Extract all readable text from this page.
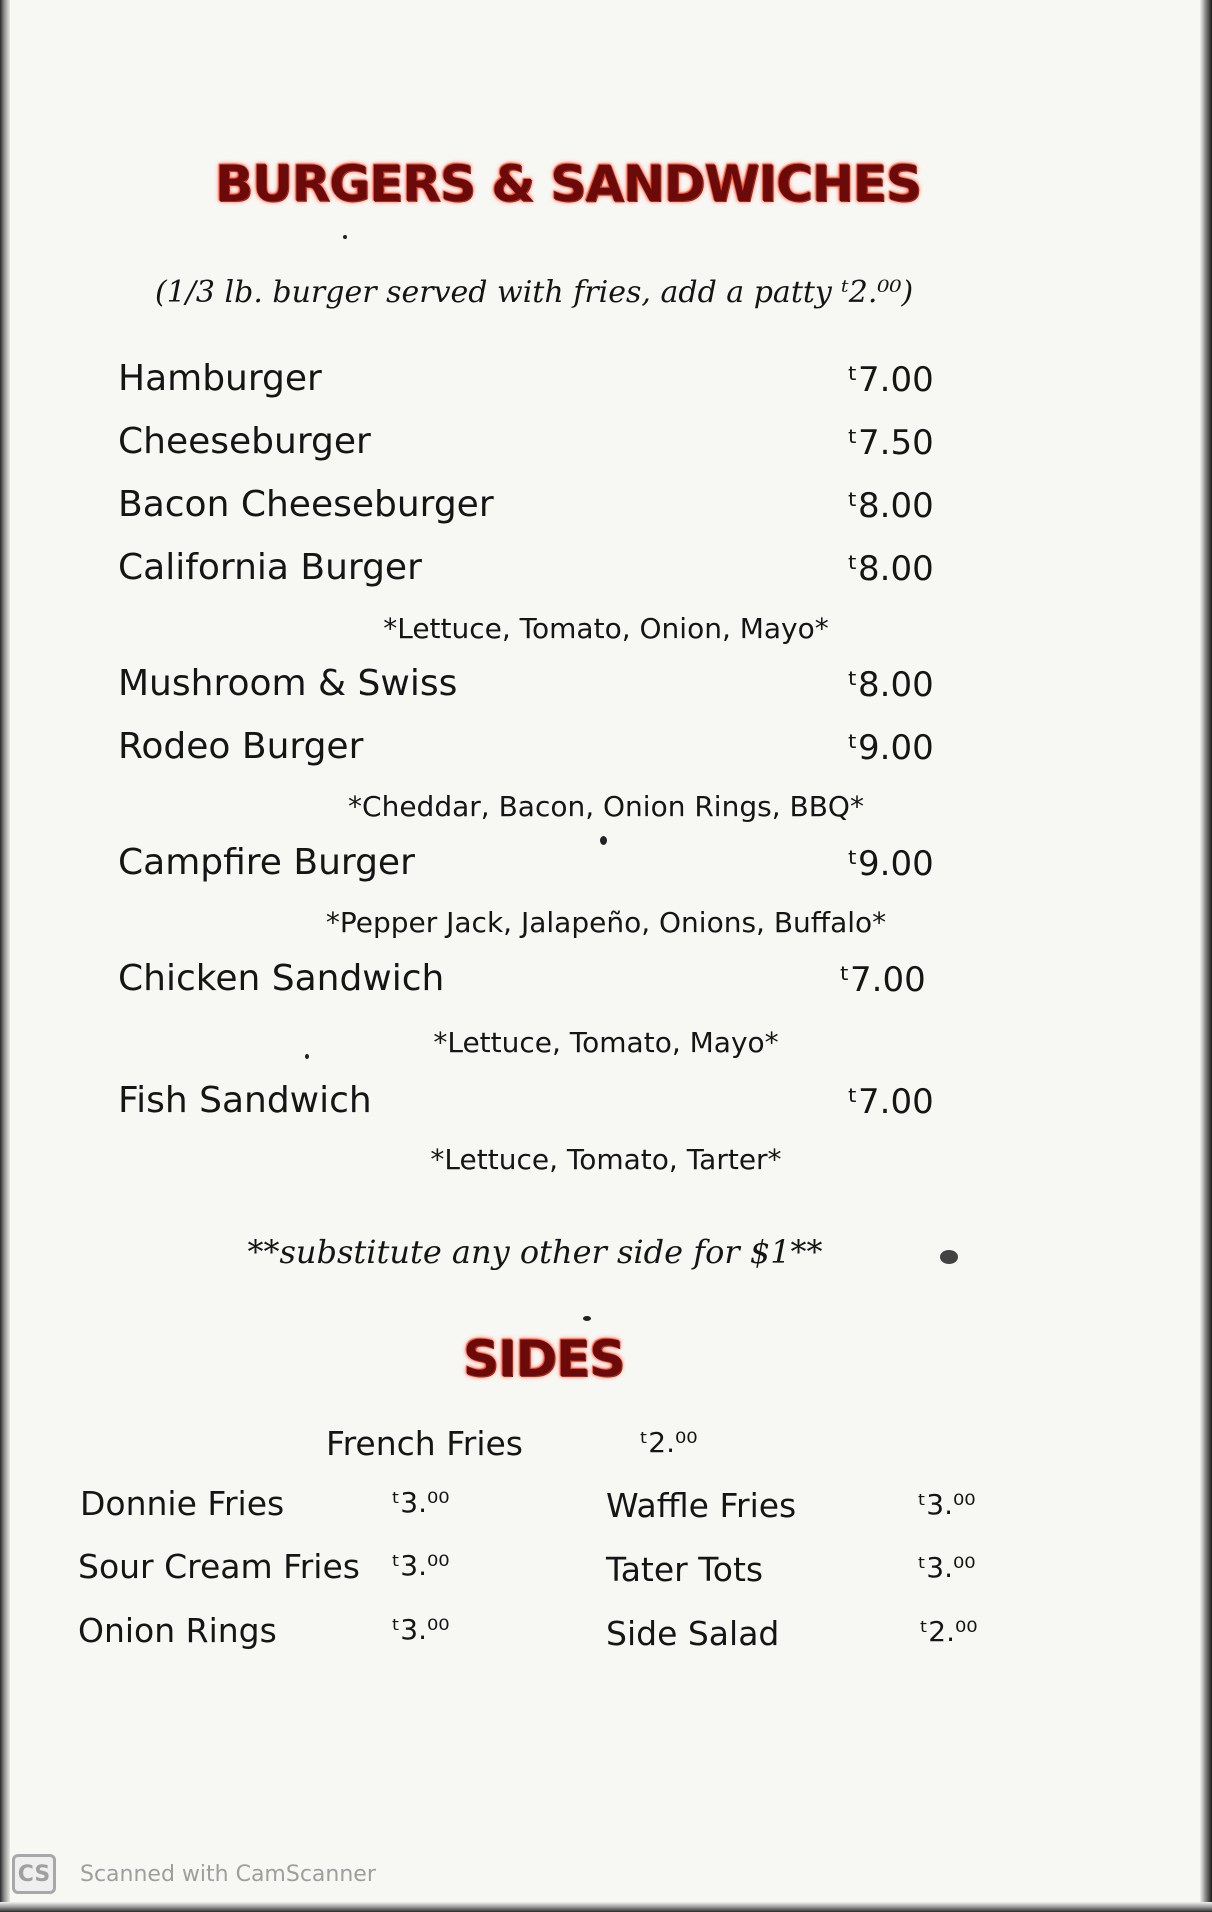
BURGERS & SANDWICHES
(1/3 lb. burger served with fries, add a patty ᵗ2.⁰⁰)
Hamburger	ᵗ7.00
Cheeseburger	ᵗ7.50
Bacon Cheeseburger	ᵗ8.00
California Burger	ᵗ8.00
*Lettuce, Tomato, Onion, Mayo*
Mushroom & Swiss	ᵗ8.00
Rodeo Burger	ᵗ9.00
*Cheddar, Bacon, Onion Rings, BBQ*
Campfire Burger	ᵗ9.00
*Pepper Jack, Jalapeño, Onions, Buffalo*
Chicken Sandwich	ᵗ7.00
*Lettuce, Tomato, Mayo*
Fish Sandwich	ᵗ7.00
*Lettuce, Tomato, Tarter*
**substitute any other side for $1**
SIDES
French Fries	ᵗ2.⁰⁰
Donnie Fries	ᵗ3.⁰⁰	Waffle Fries	ᵗ3.⁰⁰
Sour Cream Fries ᵗ3.⁰⁰	Tater Tots	ᵗ3.⁰⁰
Onion Rings	ᵗ3.⁰⁰	Side Salad	ᵗ2.⁰⁰
CS Scanned with CamScanner
